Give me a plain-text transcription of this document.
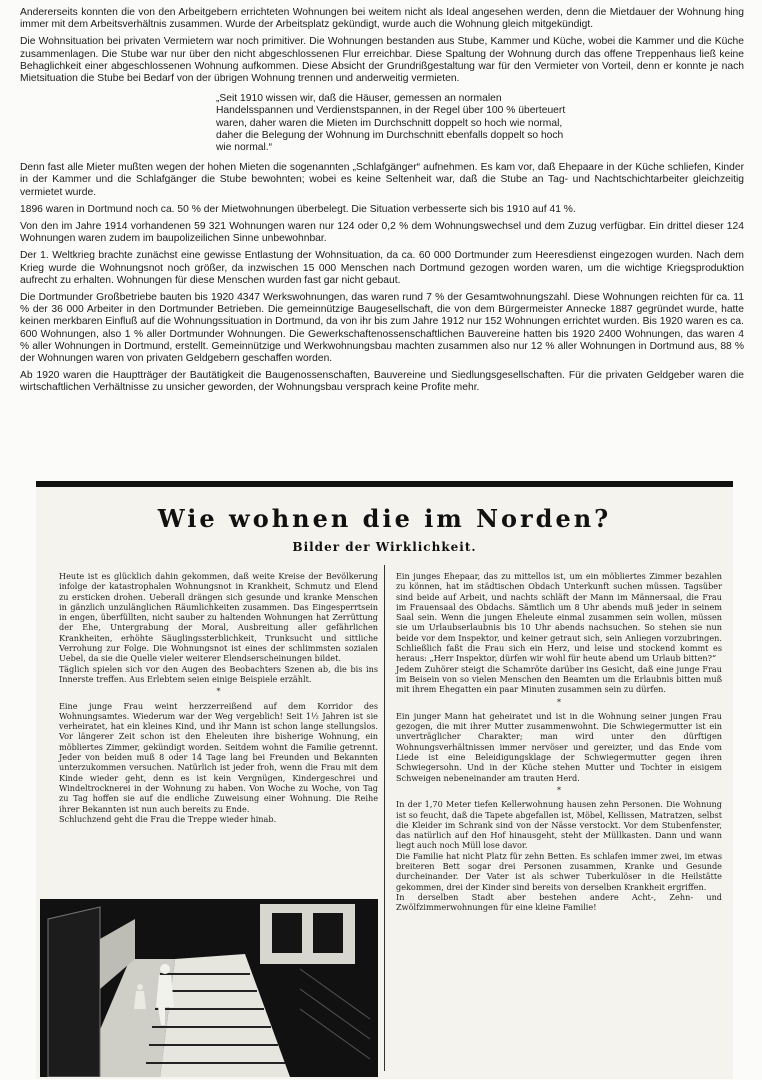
Andererseits konnten die von den Arbeitgebern errichteten Wohnungen bei weitem nicht als Ideal angesehen werden, denn die Mietdauer der Wohnung hing immer mit dem Arbeitsverhältnis zusammen. Wurde der Arbeitsplatz gekündigt, wurde auch die Wohnung gleich mitgekündigt.

Die Wohnsituation bei privaten Vermietern war noch primitiver. Die Wohnungen bestanden aus Stube, Kammer und Küche, wobei die Kammer und die Küche zusammenlagen. Die Stube war nur über den nicht abgeschlossenen Flur erreichbar. Diese Spaltung der Wohnung durch das offene Treppenhaus ließ keine Behaglichkeit einer abgeschlossenen Wohnung aufkommen. Diese Absicht der Grundrißgestaltung war für den Vermieter von Vorteil, denn er konnte je nach Mietsituation die Stube bei Bedarf von der übrigen Wohnung trennen und anderweitig vermieten.

„Seit 1910 wissen wir, daß die Häuser, gemessen an normalen Handelsspannen und Verdienstspannen, in der Regel über 100 % überteuert waren, daher waren die Mieten im Durchschnitt doppelt so hoch wie normal, daher die Belegung der Wohnung im Durchschnitt ebenfalls doppelt so hoch wie normal.“

Denn fast alle Mieter mußten wegen der hohen Mieten die sogenannten „Schlafgänger“ aufnehmen. Es kam vor, daß Ehepaare in der Küche schliefen, Kinder in der Kammer und die Schlafgänger die Stube bewohnten; wobei es keine Seltenheit war, daß die Stube an Tag- und Nachtschichtarbeiter gleichzeitig vermietet wurde.

1896 waren in Dortmund noch ca. 50 % der Mietwohnungen überbelegt. Die Situation verbesserte sich bis 1910 auf 41 %.

Von den im Jahre 1914 vorhandenen 59 321 Wohnungen waren nur 124 oder 0,2 % dem Wohnungswechsel und dem Zuzug verfügbar. Ein drittel dieser 124 Wohnungen waren zudem im baupolizeilichen Sinne unbewohnbar.

Der 1. Weltkrieg brachte zunächst eine gewisse Entlastung der Wohnsituation, da ca. 60 000 Dortmunder zum Heeresdienst eingezogen wurden. Nach dem Krieg wurde die Wohnungsnot noch größer, da inzwischen 15 000 Menschen nach Dortmund gezogen worden waren, um die wichtige Kriegsproduktion aufrecht zu erhalten. Wohnungen für diese Menschen wurden fast gar nicht gebaut.

Die Dortmunder Großbetriebe bauten bis 1920 4347 Werkswohnungen, das waren rund 7 % der Gesamtwohnungszahl. Diese Wohnungen reichten für ca. 11 % der 36 000 Arbeiter in den Dortmunder Betrieben. Die gemeinnützige Baugesellschaft, die von dem Bürgermeister Annecke 1887 gegründet wurde, hatte keinen merkbaren Einfluß auf die Wohnungssituation in Dortmund, da von ihr bis zum Jahre 1912 nur 152 Wohnungen errichtet wurden. Bis 1920 waren es ca. 600 Wohnungen, also 1 % aller Dortmunder Wohnungen. Die Gewerkschaftenossenschaftlichen Bauvereine hatten bis 1920 2400 Wohnungen, das waren 4 % aller Wohnungen in Dortmund, erstellt. Gemeinnützige und Werkwohnungsbau machten zusammen also nur 12 % aller Wohnungen in Dortmund aus, 88 % der Wohnungen waren von privaten Geldgebern geschaffen worden.

Ab 1920 waren die Hauptträger der Bautätigkeit die Baugenossenschaften, Bauvereine und Siedlungsgesellschaften. Für die privaten Geldgeber waren die wirtschaftlichen Verhältnisse zu unsicher geworden, der Wohnungsbau versprach keine Profite mehr.

Wie wohnen die im Norden?
Bilder der Wirklichkeit.

Heute ist es glücklich dahin gekommen, daß weite Kreise der Bevölkerung infolge der katastrophalen Wohnungsnot in Krankheit, Schmutz und Elend zu ersticken drohen. Ueberall drängen sich gesunde und kranke Menschen in gänzlich unzulänglichen Räumlichkeiten zusammen. Das Eingesperrtsein in engen, überfüllten, nicht sauber zu haltenden Wohnungen hat Zerrüttung der Ehe, Untergrabung der Moral, Ausbreitung aller gefährlichen Krankheiten, erhöhte Säuglingssterblichkeit, Trunksucht und sittliche Verrohung zur Folge. Die Wohnungsnot ist eines der schlimmsten sozialen Uebel, da sie die Quelle vieler weiterer Elendserscheinungen bildet.

Täglich spielen sich vor den Augen des Beobachters Szenen ab, die bis ins Innerste treffen. Aus Erlebtem seien einige Beispiele erzählt.

*

Eine junge Frau weint herzzerreißend auf dem Korridor des Wohnungsamtes. Wiederum war der Weg vergeblich! Seit 1½ Jahren ist sie verheiratet, hat ein kleines Kind, und ihr Mann ist schon lange stellungslos. Vor längerer Zeit schon ist den Eheleuten ihre bisherige Wohnung, ein möbliertes Zimmer, gekündigt worden. Seitdem wohnt die Familie getrennt. Jeder von beiden muß 8 oder 14 Tage lang bei Freunden und Bekannten unterzukommen versuchen. Natürlich ist jeder froh, wenn die Frau mit dem Kinde wieder geht, denn es ist kein Vergnügen, Kindergeschrei und Windeltrocknerei in der Wohnung zu haben. Von Woche zu Woche, von Tag zu Tag hoffen sie auf die endliche Zuweisung einer Wohnung. Die Reihe ihrer Bekannten ist nun auch bereits zu Ende.

Schluchzend geht die Frau die Treppe wieder hinab.

Ein junges Ehepaar, das zu mittellos ist, um ein möbliertes Zimmer bezahlen zu können, hat im städtischen Obdach Unterkunft suchen müssen. Tagsüber sind beide auf Arbeit, und nachts schläft der Mann im Männersaal, die Frau im Frauensaal des Obdachs. Sämtlich um 8 Uhr abends muß jeder in seinem Saal sein. Wenn die jungen Eheleute einmal zusammen sein wollen, müssen sie um Urlaubserlaubnis bis 10 Uhr abends nachsuchen. So stehen sie nun beide vor dem Inspektor, und keiner getraut sich, sein Anliegen vorzubringen. Schließlich faßt die Frau sich ein Herz, und leise und stockend kommt es heraus: „Herr Inspektor, dürfen wir wohl für heute abend um Urlaub bitten?“

Jedem Zuhörer steigt die Schamröte darüber ins Gesicht, daß eine junge Frau im Beisein von so vielen Menschen den Beamten um die Erlaubnis bitten muß mit ihrem Ehegatten ein paar Minuten zusammen sein zu dürfen.

*

Ein junger Mann hat geheiratet und ist in die Wohnung seiner jungen Frau gezogen, die mit ihrer Mutter zusammenwohnt. Die Schwiegermutter ist ein unverträglicher Charakter; man wird unter den dürftigen Wohnungsverhältnissen immer nervöser und gereizter, und das Ende vom Liede ist eine Beleidigungsklage der Schwiegermutter gegen ihren Schwiegersohn. Und in der Küche stehen Mutter und Tochter in eisigem Schweigen nebeneinander am trauten Herd.

*

In der 1,70 Meter tiefen Kellerwohnung hausen zehn Personen. Die Wohnung ist so feucht, daß die Tapete abgefallen ist, Möbel, Kellissen, Matratzen, selbst die Kleider im Schrank sind von der Nässe verstockt. Vor dem Stubenfenster, das natürlich auf den Hof hinausgeht, steht der Müllkasten. Dann und wann liegt auch noch Müll lose davor.

Die Familie hat nicht Platz für zehn Betten. Es schlafen immer zwei, im etwas breiteren Bett sogar drei Personen zusammen, Kranke und Gesunde durcheinander. Der Vater ist als schwer Tuberkulöser in die Heilstätte gekommen, drei der Kinder sind bereits von derselben Krankheit ergriffen.

In derselben Stadt aber bestehen andere Acht-, Zehn- und Zwölfzimmerwohnungen für eine kleine Familie!
